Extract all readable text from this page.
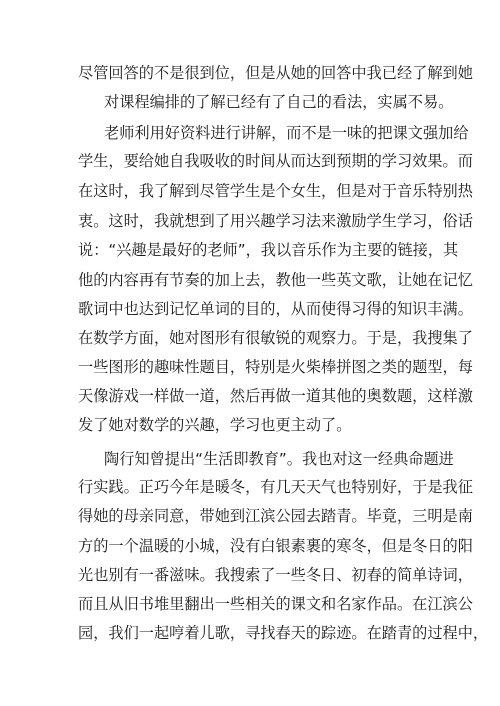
尽管回答的不是很到位，但是从她的回答中我已经了解到她
对课程编排的了解已经有了自己的看法，实属不易。
老师利用好资料进行讲解，而不是一味的把课文强加给
学生，要给她自我吸收的时间从而达到预期的学习效果。而
在这时，我了解到尽管学生是个女生，但是对于音乐特别热
衷。这时，我就想到了用兴趣学习法来激励学生学习，俗话
说：“兴趣是最好的老师”，我以音乐作为主要的链接，其
他的内容再有节奏的加上去，教他一些英文歌，让她在记忆
歌词中也达到记忆单词的目的，从而使得习得的知识丰满。
在数学方面，她对图形有很敏锐的观察力。于是，我搜集了
一些图形的趣味性题目，特别是火柴棒拼图之类的题型，每
天像游戏一样做一道，然后再做一道其他的奥数题，这样激
发了她对数学的兴趣，学习也更主动了。
陶行知曾提出“生活即教育”。我也对这一经典命题进
行实践。正巧今年是暖冬，有几天天气也特别好，于是我征
得她的母亲同意，带她到江滨公园去踏青。毕竟，三明是南
方的一个温暖的小城，没有白银素裹的寒冬，但是冬日的阳
光也别有一番滋味。我搜索了一些冬日、初春的简单诗词，
而且从旧书堆里翻出一些相关的课文和名家作品。在江滨公
园，我们一起哼着儿歌，寻找春天的踪迹。在踏青的过程中，
